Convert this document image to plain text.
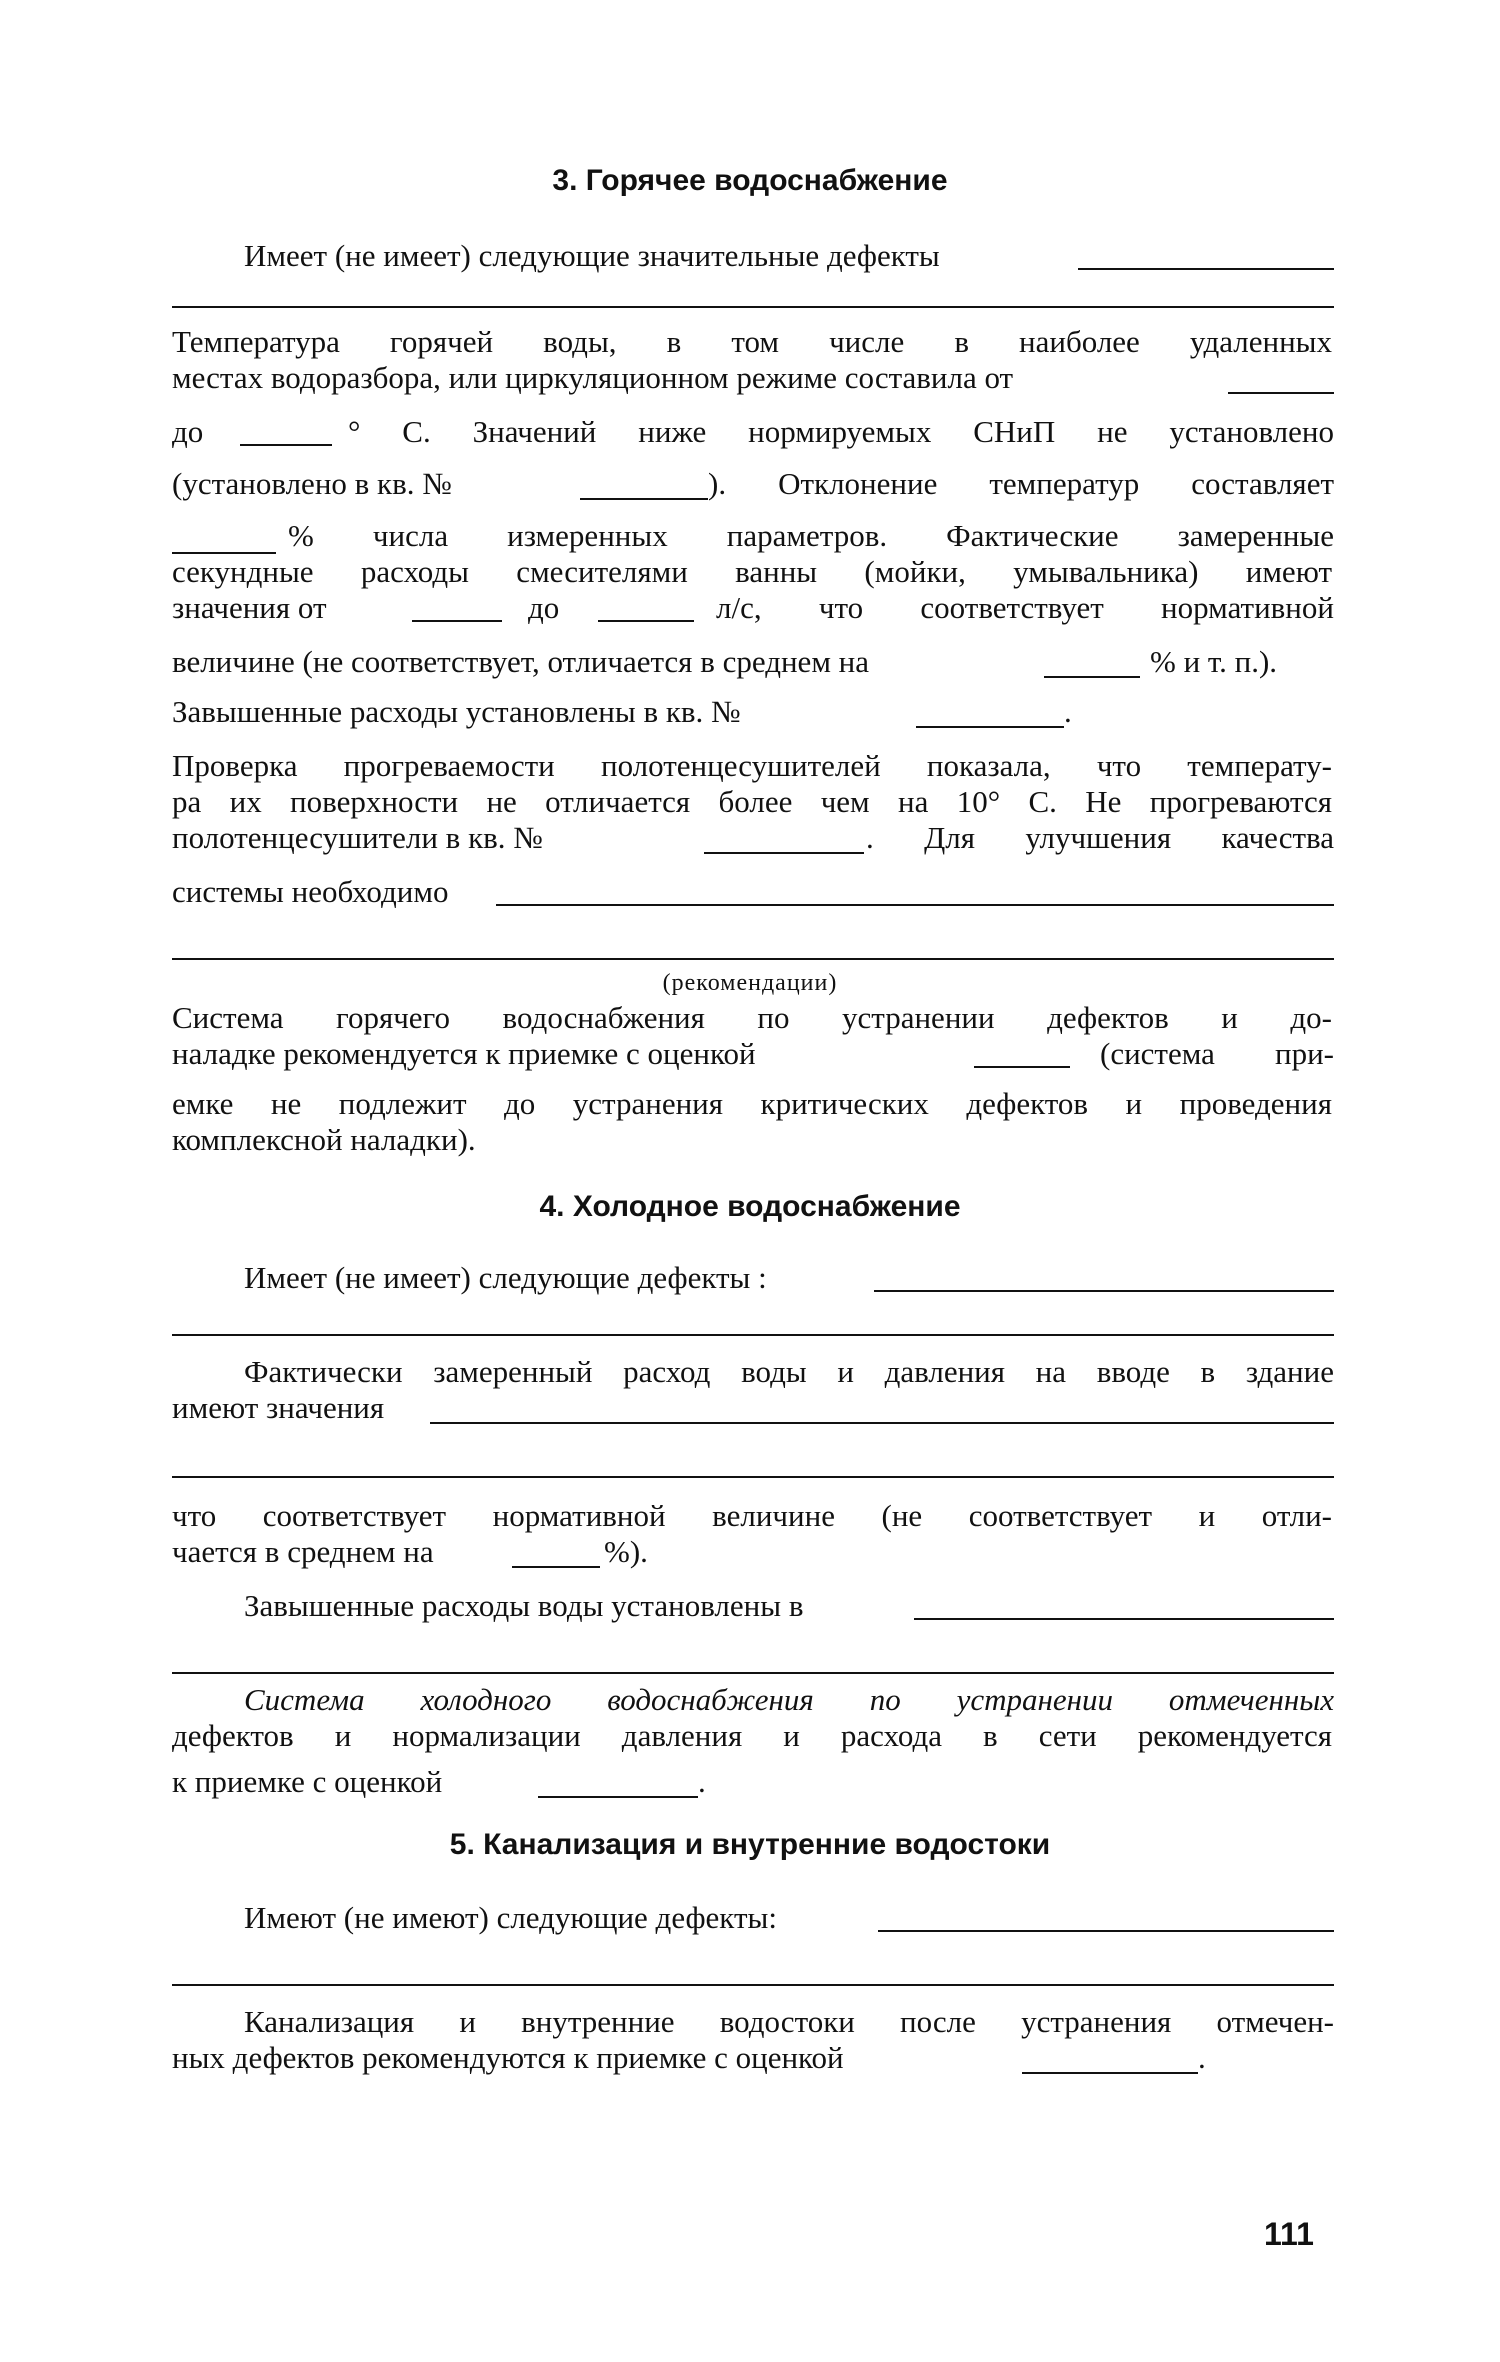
3. Горячее водоснабжение
Имеет (не имеет) следующие значительные дефекты
Температура горячей воды, в том числе в наиболее удаленных
местах водоразбора, или циркуляционном режиме составила от
до	° С. Значений ниже нормируемых СНиП не установлено
(установлено в кв. №	). Отклонение температур составляет
% числа измеренных параметров. Фактические замеренные
секундные расходы смесителями ванны (мойки, умывальника) имеют
значения от	до	л/с, что соответствует нормативной
величине (не соответствует, отличается в среднем на	% и т. п.).
Завышенные расходы установлены в кв. №	.
Проверка прогреваемости полотенцесушителей показала, что температу-
ра их поверхности не отличается более чем на 10° С. Не прогреваются
полотенцесушители в кв. №	. Для улучшения качества
системы необходимо
(рекомендации)
Система горячего водоснабжения по устранении дефектов и до-
наладке рекомендуется к приемке с оценкой	(система при-
емке не подлежит до устранения критических дефектов и проведения
комплексной наладки).
4. Холодное водоснабжение
Имеет (не имеет) следующие дефекты :
Фактически замеренный расход воды и давления на вводе в здание
имеют значения
что соответствует нормативной величине (не соответствует и отли-
чается в среднем на	%).
Завышенные расходы воды установлены в
Система холодного водоснабжения по устранении отмеченных
дефектов и нормализации давления и расхода в сети рекомендуется
к приемке с оценкой	.
5. Канализация и внутренние водостоки
Имеют (не имеют) следующие дефекты:
Канализация и внутренние водостоки после устранения отмечен-
ных дефектов рекомендуются к приемке с оценкой	.
111
